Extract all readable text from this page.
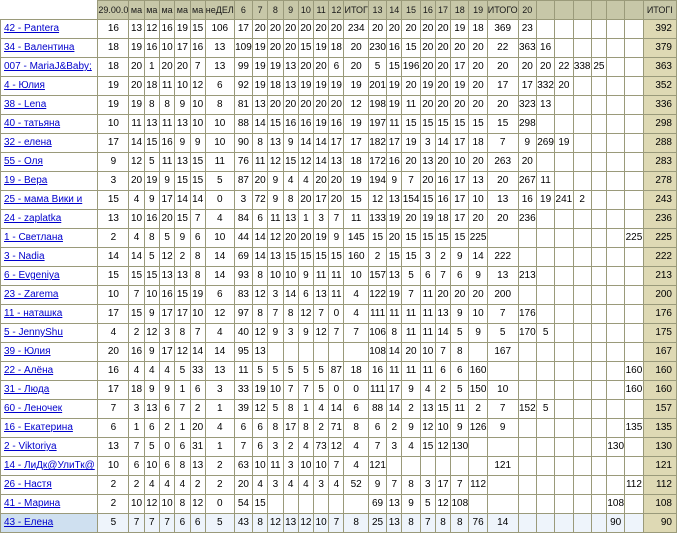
	29.00.0	ма	ма	ма	ма	ма	неДЕЛ	6	7	8	9	10	11	12	ИТОГ	13	14	15	16	17	18	19	ИТОГО	20							ИТОГІ
42 - Pantera	16	13	12	16	19	15	106	17	20	20	20	20	20	20	234	20	20	20	20	20	19	18	369	23							392
34 - Валентина	18	19	16	10	17	16	13	109	19	20	20	15	19	18	20	230	16	15	20	20	20	20	22	363	16						379
007 - MariaJ&Baby;	18	20	1	20	20	7	13	99	19	19	13	20	20	6	20	5	15	196	20	20	17	20	20	20	20	22	338	25			363
4 - Юлия	19	20	18	11	10	12	6	92	19	18	13	19	19	19	19	201	19	20	19	20	19	20	17	17	332	20					352
38 - Lena	19	19	8	8	9	10	8	81	13	20	20	20	20	20	12	198	19	11	20	20	20	20	20	323	13						336
40 - татьяна	10	11	13	11	13	10	10	88	14	15	16	16	19	16	19	197	11	15	15	15	15	15	15	298							298
32 - елена	17	14	15	16	9	9	10	90	8	13	9	14	14	17	17	182	17	19	3	14	17	18	7	9	269	19					288
55 - Оля	9	12	5	11	13	15	11	76	11	12	15	12	14	13	18	172	16	20	13	20	10	20	263	20							283
19 - Вера	3	20	19	9	15	15	5	87	20	9	4	4	20	20	19	194	9	7	20	16	17	13	20	267	11						278
25 - мама Вики и	15	4	9	17	14	14	0	3	72	9	8	20	17	20	15	12	13	154	15	16	17	10	13	16	19	241	2				243
24 - zaplatka	13	10	16	20	15	7	4	84	6	11	13	1	3	7	11	133	19	20	19	18	17	20	20	236							236
1 - Светлана	2	4	8	5	9	6	10	44	14	12	20	20	19	9	145	15	20	15	15	15	15	225								225	225
3 - Nadia	14	14	5	12	2	8	14	69	14	13	15	15	15	15	160	2	15	15	3	2	9	14	222								222
6 - Evgeniya	15	15	15	13	13	8	14	93	8	10	10	9	11	11	10	157	13	5	6	7	6	9	13	213							213
23 - Zarema	10	7	10	16	15	19	6	83	12	3	14	6	13	11	4	122	19	7	11	20	20	20	200								200
11 - наташка	17	15	9	17	17	10	12	97	8	7	8	12	7	0	4	111	11	11	11	13	9	10	7	176							176
5 - JennyShu	4	2	12	3	8	7	4	40	12	9	3	9	12	7	7	106	8	11	11	14	5	9	5	170	5						175
39 - Юлия	20	16	9	17	12	14	14	95	13							108	14	20	10	7	8		167								167
22 - Алёна	16	4	4	4	5	33	13	11	5	5	5	5	5	87	18	16	11	11	11	6	6	160								160	160
31 - Люда	17	18	9	9	1	6	3	33	19	10	7	7	5	0	0	111	17	9	4	2	5	150	10							160	160
60 - Леночек	7	3	13	6	7	2	1	39	12	5	8	1	4	14	6	88	14	2	13	15	11	2	7	152	5						157
16 - Екатерина	6	1	6	2	1	20	4	6	6	8	17	8	2	71	8	6	2	9	12	10	9	126	9							135	135
2 - Viktoriya	13	7	5	0	6	31	1	7	6	3	2	4	73	12	4	7	3	4	15	12	130								130		130
14 - ЛиДк@УлиТк@	10	6	10	6	8	13	2	63	10	11	3	10	10	7	4	121							121								121
26 - Настя	2	2	4	4	4	2	2	20	4	3	4	4	3	4	52	9	7	8	3	17	7	112								112	112
41 - Марина	2	10	12	10	8	12	0	54	15							69	13	9	5	12	108								108		108
43 - Елена	5	7	7	7	6	6	5	43	8	12	13	12	10	7	8	25	13	8	7	8	8	76	14						90		90
